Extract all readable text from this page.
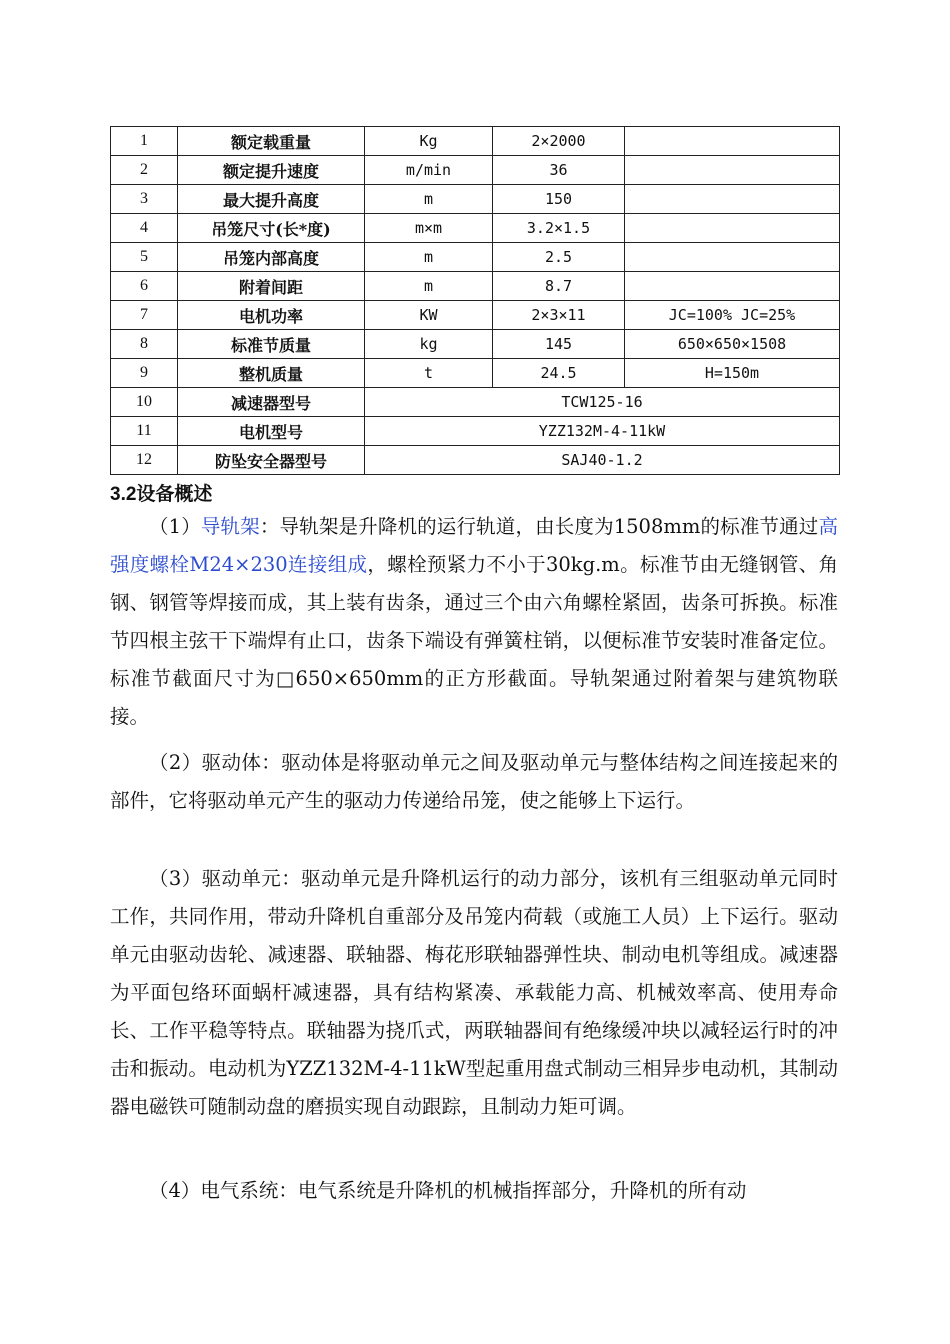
1	额定载重量	Kg	2×2000	
2	额定提升速度	m/min	36	
3	最大提升高度	m	150	
4	吊笼尺寸(长*度)	m×m	3.2×1.5	
5	吊笼内部高度	m	2.5	
6	附着间距	m	8.7	
7	电机功率	KW	2×3×11	JC=100% JC=25%
8	标准节质量	kg	145	650×650×1508
9	整机质量	t	24.5	H=150m
10	减速器型号	TCW125-16		
11	电机型号	YZZ132M-4-11kW		
12	防坠安全器型号	SAJ40-1.2		
3.2设备概述

（1）导轨架：导轨架是升降机的运行轨道，由长度为1508mm的标准节通过高强度螺栓M24×230连接组成，螺栓预紧力不小于30kg.m。标准节由无缝钢管、角钢、钢管等焊接而成，其上装有齿条，通过三个由六角螺栓紧固，齿条可拆换。标准节四根主弦干下端焊有止口，齿条下端设有弹簧柱销，以便标准节安装时准备定位。标准节截面尺寸为□650×650mm的正方形截面。导轨架通过附着架与建筑物联接。

（2）驱动体：驱动体是将驱动单元之间及驱动单元与整体结构之间连接起来的部件，它将驱动单元产生的驱动力传递给吊笼，使之能够上下运行。

（3）驱动单元：驱动单元是升降机运行的动力部分，该机有三组驱动单元同时工作，共同作用，带动升降机自重部分及吊笼内荷载（或施工人员）上下运行。驱动单元由驱动齿轮、减速器、联轴器、梅花形联轴器弹性块、制动电机等组成。减速器为平面包络环面蜗杆减速器，具有结构紧凑、承载能力高、机械效率高、使用寿命长、工作平稳等特点。联轴器为挠爪式，两联轴器间有绝缘缓冲块以减轻运行时的冲击和振动。电动机为YZZ132M-4-11kW型起重用盘式制动三相异步电动机，其制动器电磁铁可随制动盘的磨损实现自动跟踪，且制动力矩可调。

（4）电气系统：电气系统是升降机的机械指挥部分，升降机的所有动
